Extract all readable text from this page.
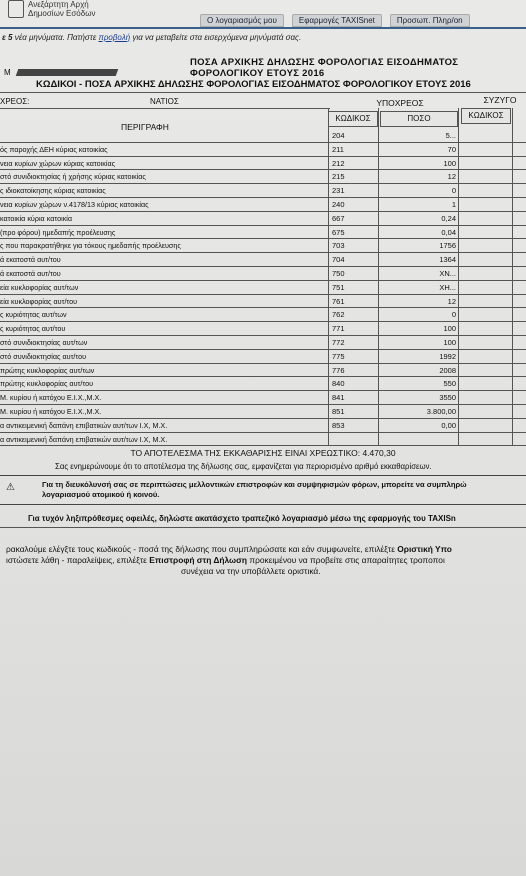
Ανεξάρτητη Αρχή
Δημοσίων Εσόδων
Ο λογαριασμός μου	Εφαρμογές TAXISnet	Προσωπ. Πληρ/on
ε 5 νέα μηνύματα. Πατήστε προβολή για να μεταβείτε στα εισερχόμενα μηνύματά σας.
ΠΟΣΑ ΑΡΧΙΚΗΣ ΔΗΛΩΣΗΣ ΦΟΡΟΛΟΓΙΑΣ ΕΙΣΟΔΗΜΑΤΟΣ ΦΟΡΟΛΟΓΙΚΟΥ ΕΤΟΥΣ 2016
Μ
ΚΩΔΙΚΟΙ - ΠΟΣΑ ΑΡΧΙΚΗΣ ΔΗΛΩΣΗΣ ΦΟΡΟΛΟΓΙΑΣ ΕΙΣΟΔΗΜΑΤΟΣ ΦΟΡΟΛΟΓΙΚΟΥ ΕΤΟΥΣ 2016
ΧΡΕΟΣ:	ΝΑΤΙΟΣ	ΥΠΟΧΡΕΟΣ	ΣΥΖΥΓΟ
ΠΕΡΙΓΡΑΦΗ
ΚΩΔΙΚΟΣ	ΠΟΣΟ	ΚΩΔΙΚΟΣ
204	5...
ός παροχής ΔΕΗ κύριας κατοικίας	211	70
νεια κυρίων χώρων κύριας κατοικίας	212	100
στό συνιδιοκτησίας ή χρήσης κύριας κατοικίας	215	12
ς ιδιοκατοίκησης κύριας κατοικίας	231	0
νεια κυρίων χώρων ν.4178/13 κύριας κατοικίας	240	1
κατοικία κύρια κατοικία	667	0,24
(προ φόρου) ημεδαπής προέλευσης	675	0,04
ς που παρακρατήθηκε για τόκους ημεδαπής προέλευσης	703	1756
ά εκατοστά αυτ/του	704	1364
ά εκατοστά αυτ/του	750	XN...
εία κυκλοφορίας αυτ/των	751	XH...
εία κυκλοφορίας αυτ/του	761	12
ς κυριότητας αυτ/των	762	0
ς κυριότητας αυτ/του	771	100
στό συνιδιοκτησίας αυτ/των	772	100
στό συνιδιοκτησίας αυτ/του	775	1992
πρώτης κυκλοφορίας αυτ/των	776	2008
πρώτης κυκλοφορίας αυτ/του	840	550
Μ. κυρίου ή κατόχου Ε.Ι.Χ.,Μ.Χ.	841	3550
Μ. κυρίου ή κατόχου Ε.Ι.Χ.,Μ.Χ.	851	3.800,00
α αντικειμενική δαπάνη επιβατικών αυτ/των Ι.Χ, Μ.Χ.	853	0,00
α αντικειμενική δαπάνη επιβατικών αυτ/των Ι.Χ, Μ.Χ.
ΤΟ ΑΠΟΤΕΛΕΣΜΑ ΤΗΣ ΕΚΚΑΘΑΡΙΣΗΣ ΕΙΝΑΙ ΧΡΕΩΣΤΙΚΟ: 4.470,30
Σας ενημερώνουμε ότι το αποτέλεσμα της δήλωσης σας, εμφανίζεται για περιορισμένο αριθμό εκκαθαρίσεων.
⚠	Για τη διευκόλυνσή σας σε περιπτώσεις μελλοντικών επιστροφών και συμψηφισμών φόρων, μπορείτε να συμπληρώ
λογαριασμού ατομικού ή κοινού.
Για τυχόν ληξιπρόθεσμες οφειλές, δηλώστε ακατάσχετο τραπεζικό λογαριασμό μέσω της εφαρμογής του TAXISn
ρακαλούμε ελέγξτε τους κωδικούς - ποσά της δήλωσης που συμπληρώσατε και εάν συμφωνείτε, επιλέξτε Οριστική Υπο
ιστώσετε λάθη - παραλείψεις, επιλέξτε Επιστροφή στη Δήλωση προκειμένου να προβείτε στις απαραίτητες τροποποι
συνέχεια να την υποβάλλετε οριστικά.
